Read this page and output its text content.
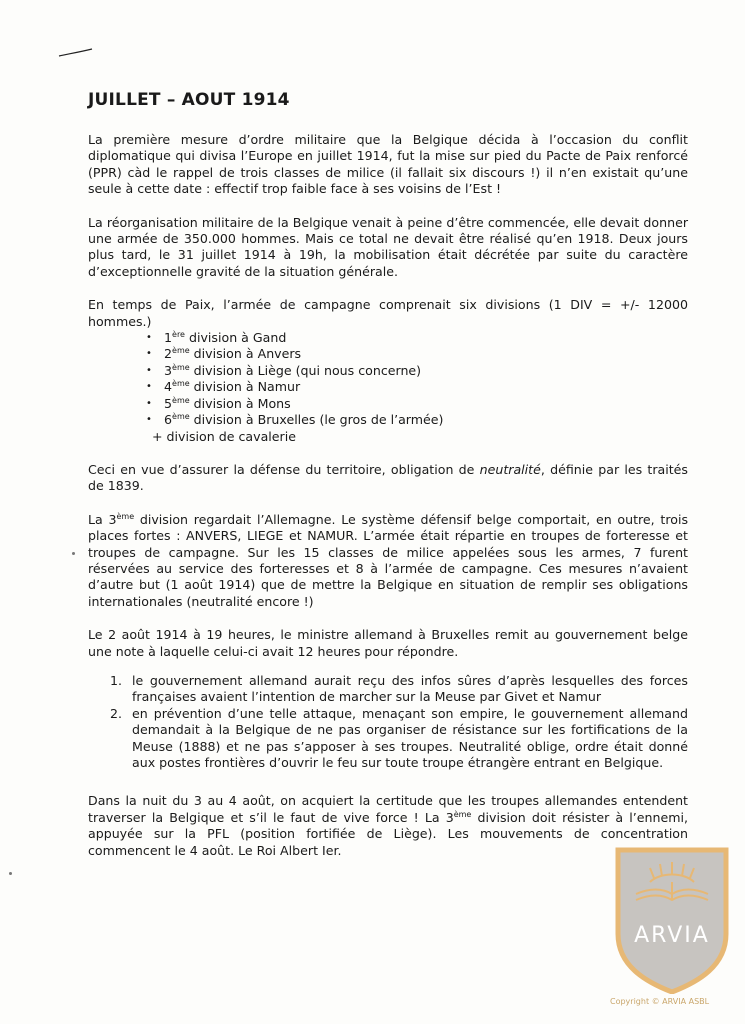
JUILLET – AOUT 1914

La première mesure d’ordre militaire que la Belgique décida à l’occasion du conflit diplomatique qui divisa l’Europe en juillet 1914, fut la mise sur pied du Pacte de Paix renforcé (PPR) càd le rappel de trois classes de milice (il fallait six discours !) il n’en existait qu’une seule à cette date : effectif trop faible face à ses voisins de l’Est !

La réorganisation militaire de la Belgique venait à peine d’être commencée, elle devait donner une armée de 350.000 hommes. Mais ce total ne devait être réalisé qu’en 1918. Deux jours plus tard, le 31 juillet 1914 à 19h, la mobilisation était décrétée par suite du caractère d’exceptionnelle gravité de la situation générale.

En temps de Paix, l’armée de campagne comprenait six divisions (1 DIV = +/- 12000 hommes.)

• 1ère division à Gand
• 2ème division à Anvers
• 3ème division à Liège (qui nous concerne)
• 4ème division à Namur
• 5ème division à Mons
• 6ème division à Bruxelles (le gros de l’armée)
+ division de cavalerie

Ceci en vue d’assurer la défense du territoire, obligation de neutralité, définie par les traités de 1839.

La 3ème division regardait l’Allemagne. Le système défensif belge comportait, en outre, trois places fortes : ANVERS, LIEGE et NAMUR. L’armée était répartie en troupes de forteresse et troupes de campagne. Sur les 15 classes de milice appelées sous les armes, 7 furent réservées au service des forteresses et 8 à l’armée de campagne. Ces mesures n’avaient d’autre but (1 août 1914) que de mettre la Belgique en situation de remplir ses obligations internationales (neutralité encore !)

Le 2 août 1914 à 19 heures, le ministre allemand à Bruxelles remit au gouvernement belge une note à laquelle celui-ci avait 12 heures pour répondre.

1. le gouvernement allemand aurait reçu des infos sûres d’après lesquelles des forces françaises avaient l’intention de marcher sur la Meuse par Givet et Namur
2. en prévention d’une telle attaque, menaçant son empire, le gouvernement allemand demandait à la Belgique de ne pas organiser de résistance sur les fortifications de la Meuse (1888) et ne pas s’apposer à ses troupes. Neutralité oblige, ordre était donné aux postes frontières d’ouvrir le feu sur toute troupe étrangère entrant en Belgique.

Dans la nuit du 3 au 4 août, on acquiert la certitude que les troupes allemandes entendent traverser la Belgique et s’il le faut de vive force ! La 3ème division doit résister à l’ennemi, appuyée sur la PFL (position fortifiée de Liège). Les mouvements de concentration commencent le 4 août. Le Roi Albert Ier.

ARVIA
Copyright © ARVIA ASBL
